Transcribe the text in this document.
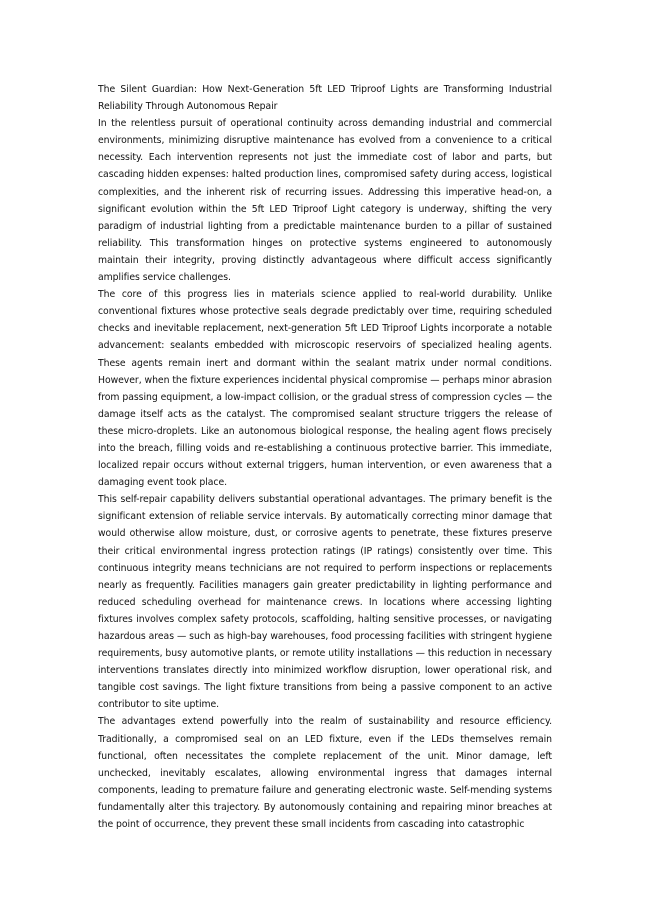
The Silent Guardian: How Next-Generation 5ft LED Triproof Lights are Transforming Industrial Reliability Through Autonomous Repair

In the relentless pursuit of operational continuity across demanding industrial and commercial environments, minimizing disruptive maintenance has evolved from a convenience to a critical necessity. Each intervention represents not just the immediate cost of labor and parts, but cascading hidden expenses: halted production lines, compromised safety during access, logistical complexities, and the inherent risk of recurring issues. Addressing this imperative head-on, a significant evolution within the 5ft LED Triproof Light category is underway, shifting the very paradigm of industrial lighting from a predictable maintenance burden to a pillar of sustained reliability. This transformation hinges on protective systems engineered to autonomously maintain their integrity, proving distinctly advantageous where difficult access significantly amplifies service challenges.

The core of this progress lies in materials science applied to real-world durability. Unlike conventional fixtures whose protective seals degrade predictably over time, requiring scheduled checks and inevitable replacement, next-generation 5ft LED Triproof Lights incorporate a notable advancement: sealants embedded with microscopic reservoirs of specialized healing agents. These agents remain inert and dormant within the sealant matrix under normal conditions. However, when the fixture experiences incidental physical compromise — perhaps minor abrasion from passing equipment, a low-impact collision, or the gradual stress of compression cycles — the damage itself acts as the catalyst. The compromised sealant structure triggers the release of these micro-droplets. Like an autonomous biological response, the healing agent flows precisely into the breach, filling voids and re-establishing a continuous protective barrier. This immediate, localized repair occurs without external triggers, human intervention, or even awareness that a damaging event took place.

This self-repair capability delivers substantial operational advantages. The primary benefit is the significant extension of reliable service intervals. By automatically correcting minor damage that would otherwise allow moisture, dust, or corrosive agents to penetrate, these fixtures preserve their critical environmental ingress protection ratings (IP ratings) consistently over time. This continuous integrity means technicians are not required to perform inspections or replacements nearly as frequently. Facilities managers gain greater predictability in lighting performance and reduced scheduling overhead for maintenance crews. In locations where accessing lighting fixtures involves complex safety protocols, scaffolding, halting sensitive processes, or navigating hazardous areas — such as high-bay warehouses, food processing facilities with stringent hygiene requirements, busy automotive plants, or remote utility installations — this reduction in necessary interventions translates directly into minimized workflow disruption, lower operational risk, and tangible cost savings. The light fixture transitions from being a passive component to an active contributor to site uptime.

The advantages extend powerfully into the realm of sustainability and resource efficiency. Traditionally, a compromised seal on an LED fixture, even if the LEDs themselves remain functional, often necessitates the complete replacement of the unit. Minor damage, left unchecked, inevitably escalates, allowing environmental ingress that damages internal components, leading to premature failure and generating electronic waste. Self-mending systems fundamentally alter this trajectory. By autonomously containing and repairing minor breaches at the point of occurrence, they prevent these small incidents from cascading into catastrophic
